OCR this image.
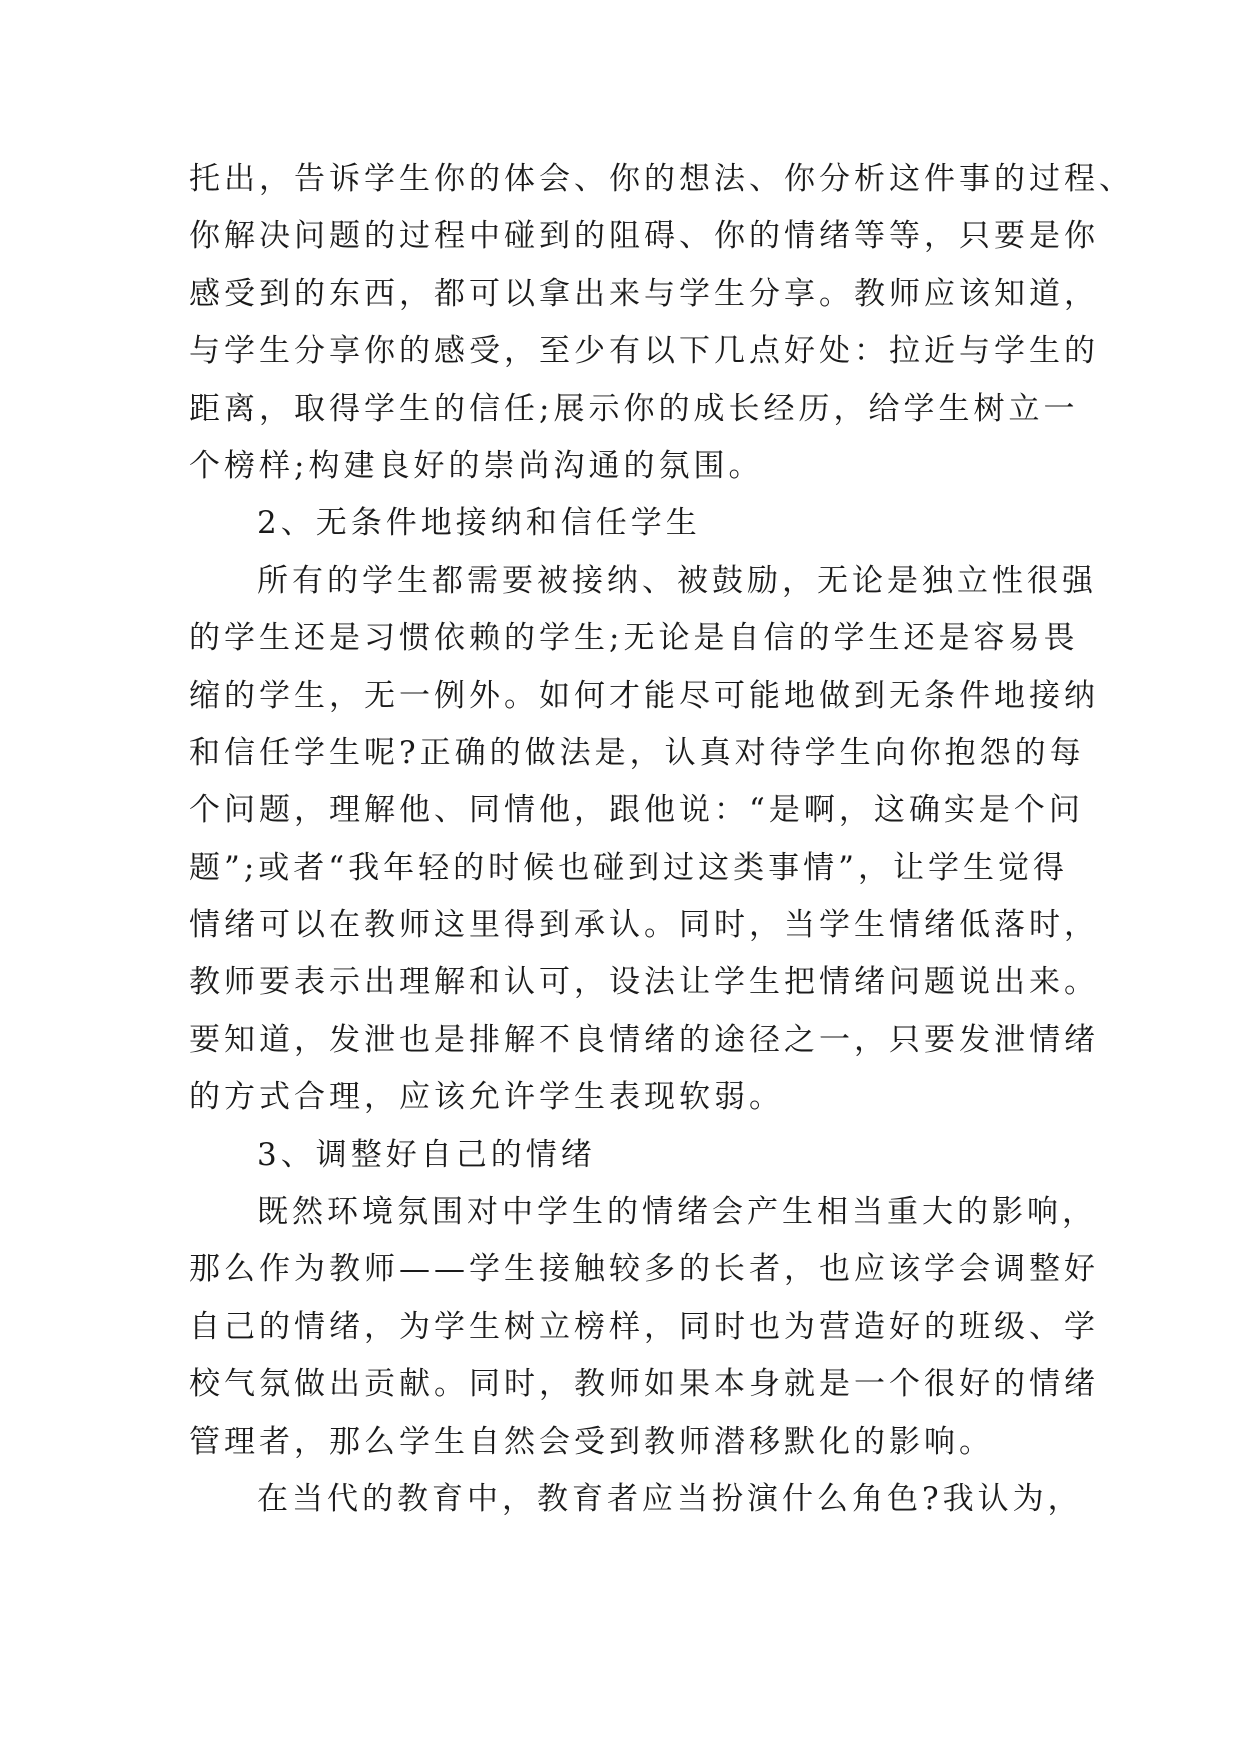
托出，告诉学生你的体会、你的想法、你分析这件事的过程、
你解决问题的过程中碰到的阻碍、你的情绪等等，只要是你
感受到的东西，都可以拿出来与学生分享。教师应该知道，
与学生分享你的感受，至少有以下几点好处：拉近与学生的
距离，取得学生的信任;展示你的成长经历，给学生树立一
个榜样;构建良好的崇尚沟通的氛围。
2、无条件地接纳和信任学生
所有的学生都需要被接纳、被鼓励，无论是独立性很强
的学生还是习惯依赖的学生;无论是自信的学生还是容易畏
缩的学生，无一例外。如何才能尽可能地做到无条件地接纳
和信任学生呢?正确的做法是，认真对待学生向你抱怨的每
个问题，理解他、同情他，跟他说：“是啊，这确实是个问
题”;或者“我年轻的时候也碰到过这类事情”，让学生觉得
情绪可以在教师这里得到承认。同时，当学生情绪低落时，
教师要表示出理解和认可，设法让学生把情绪问题说出来。
要知道，发泄也是排解不良情绪的途径之一，只要发泄情绪
的方式合理，应该允许学生表现软弱。
3、调整好自己的情绪
既然环境氛围对中学生的情绪会产生相当重大的影响，
那么作为教师——学生接触较多的长者，也应该学会调整好
自己的情绪，为学生树立榜样，同时也为营造好的班级、学
校气氛做出贡献。同时，教师如果本身就是一个很好的情绪
管理者，那么学生自然会受到教师潜移默化的影响。
在当代的教育中，教育者应当扮演什么角色?我认为，
